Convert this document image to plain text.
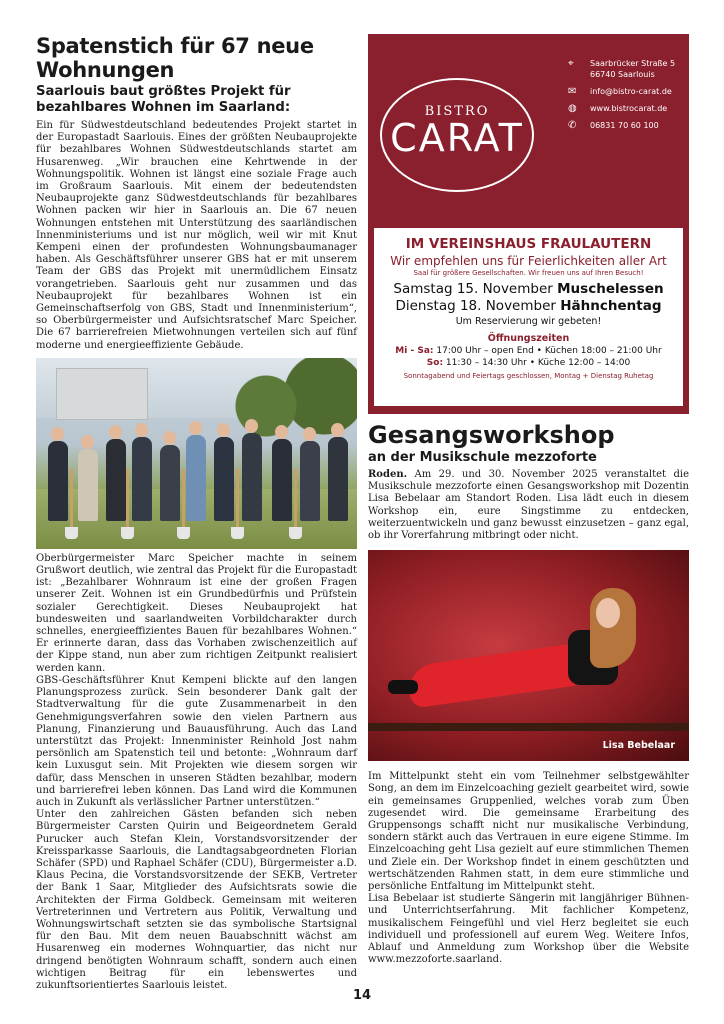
Spatenstich für 67 neue Wohnungen
Saarlouis baut größtes Projekt für bezahlbares Wohnen im Saarland:

Ein für Südwestdeutschland bedeutendes Projekt startet in der Europastadt Saarlouis. Eines der größten Neubauprojekte für bezahlbares Wohnen Südwestdeutschlands startet am Husarenweg. „Wir brauchen eine Kehrtwende in der Wohnungspolitik. Wohnen ist längst eine soziale Frage auch im Großraum Saarlouis. Mit einem der bedeutendsten Neubauprojekte ganz Südwestdeutschlands für bezahlbares Wohnen packen wir hier in Saarlouis an. Die 67 neuen Wohnungen entstehen mit Unterstützung des saarländischen Innenministeriums und ist nur möglich, weil wir mit Knut Kempeni einen der profundesten Wohnungsbaumanager haben. Als Geschäftsführer unserer GBS hat er mit unserem Team der GBS das Projekt mit unermüdlichem Einsatz vorangetrieben. Saarlouis geht nur zusammen und das Neubauprojekt für bezahlbares Wohnen ist ein Gemeinschaftserfolg von GBS, Stadt und Innenministerium“, so Oberbürgermeister und Aufsichtsratschef Marc Speicher. Die 67 barrierefreien Mietwohnungen verteilen sich auf fünf moderne und energieeffiziente Gebäude.

Oberbürgermeister Marc Speicher machte in seinem Grußwort deutlich, wie zentral das Projekt für die Europastadt ist: „Bezahlbarer Wohnraum ist eine der großen Fragen unserer Zeit. Wohnen ist ein Grundbedürfnis und Prüfstein sozialer Gerechtigkeit. Dieses Neubauprojekt hat bundesweiten und saarlandweiten Vorbildcharakter durch schnelles, energieeffizientes Bauen für bezahlbares Wohnen.“ Er erinnerte daran, dass das Vorhaben zwischenzeitlich auf der Kippe stand, nun aber zum richtigen Zeitpunkt realisiert werden kann.

GBS-Geschäftsführer Knut Kempeni blickte auf den langen Planungsprozess zurück. Sein besonderer Dank galt der Stadtverwaltung für die gute Zusammenarbeit in den Genehmigungsverfahren sowie den vielen Partnern aus Planung, Finanzierung und Bauausführung. Auch das Land unterstützt das Projekt: Innenminister Reinhold Jost nahm persönlich am Spatenstich teil und betonte: „Wohnraum darf kein Luxusgut sein. Mit Projekten wie diesem sorgen wir dafür, dass Menschen in unseren Städten bezahlbar, modern und barrierefrei leben können. Das Land wird die Kommunen auch in Zukunft als verlässlicher Partner unterstützen.“

Unter den zahlreichen Gästen befanden sich neben Bürgermeister Carsten Quirin und Beigeordnetem Gerald Purucker auch Stefan Klein, Vorstandsvorsitzender der Kreissparkasse Saarlouis, die Landtagsabgeordneten Florian Schäfer (SPD) und Raphael Schäfer (CDU), Bürgermeister a.D. Klaus Pecina, die Vorstandsvorsitzende der SEKB, Vertreter der Bank 1 Saar, Mitglieder des Aufsichtsrats sowie die Architekten der Firma Goldbeck. Gemeinsam mit weiteren Vertreterinnen und Vertretern aus Politik, Verwaltung und Wohnungswirtschaft setzten sie das symbolische Startsignal für den Bau. Mit dem neuen Bauabschnitt wächst am Husarenweg ein modernes Wohnquartier, das nicht nur dringend benötigten Wohnraum schafft, sondern auch einen wichtigen Beitrag für ein lebenswertes und zukunftsorientiertes Saarlouis leistet.

BISTRO
CARAT
⌖	Saarbrücker Straße 5
66740 Saarlouis
✉	info@bistro-carat.de
◍	www.bistrocarat.de
✆	06831 70 60 100
IM VEREINSHAUS FRAULAUTERN
Wir empfehlen uns für Feierlichkeiten aller Art
Saal für größere Gesellschaften. Wir freuen uns auf Ihren Besuch!
Samstag 15. November Muschelessen
Dienstag 18. November Hähnchentag
Um Reservierung wir gebeten!
Öffnungszeiten
Mi - Sa: 17:00 Uhr – open End • Küchen 18:00 – 21:00 Uhr
So: 11:30 – 14:30 Uhr • Küche 12:00 – 14:00
Sonntagabend und Feiertags geschlossen, Montag + Dienstag Ruhetag
Gesangsworkshop
an der Musikschule mezzoforte

Roden. Am 29. und 30. November 2025 veranstaltet die Musikschule mezzoforte einen Gesangsworkshop mit Dozentin Lisa Bebelaar am Standort Roden. Lisa lädt euch in diesem Workshop ein, eure Singstimme zu entdecken, weiterzuentwickeln und ganz bewusst einzusetzen – ganz egal, ob ihr Vorerfahrung mitbringt oder nicht.

Lisa Bebelaar

Im Mittelpunkt steht ein vom Teilnehmer selbstgewählter Song, an dem im Einzelcoaching gezielt gearbeitet wird, sowie ein gemeinsames Gruppenlied, welches vorab zum Üben zugesendet wird. Die gemeinsame Erarbeitung des Gruppensongs schafft nicht nur musikalische Verbindung, sondern stärkt auch das Vertrauen in eure eigene Stimme. Im Einzelcoaching geht Lisa gezielt auf eure stimmlichen Themen und Ziele ein. Der Workshop findet in einem geschützten und wertschätzenden Rahmen statt, in dem eure stimmliche und persönliche Entfaltung im Mittelpunkt steht.

Lisa Bebelaar ist studierte Sängerin mit langjähriger Bühnen- und Unterrichtserfahrung. Mit fachlicher Kompetenz, musikalischem Feingefühl und viel Herz begleitet sie euch individuell und professionell auf eurem Weg. Weitere Infos, Ablauf und Anmeldung zum Workshop über die Website www.mezzoforte.saarland.

14
